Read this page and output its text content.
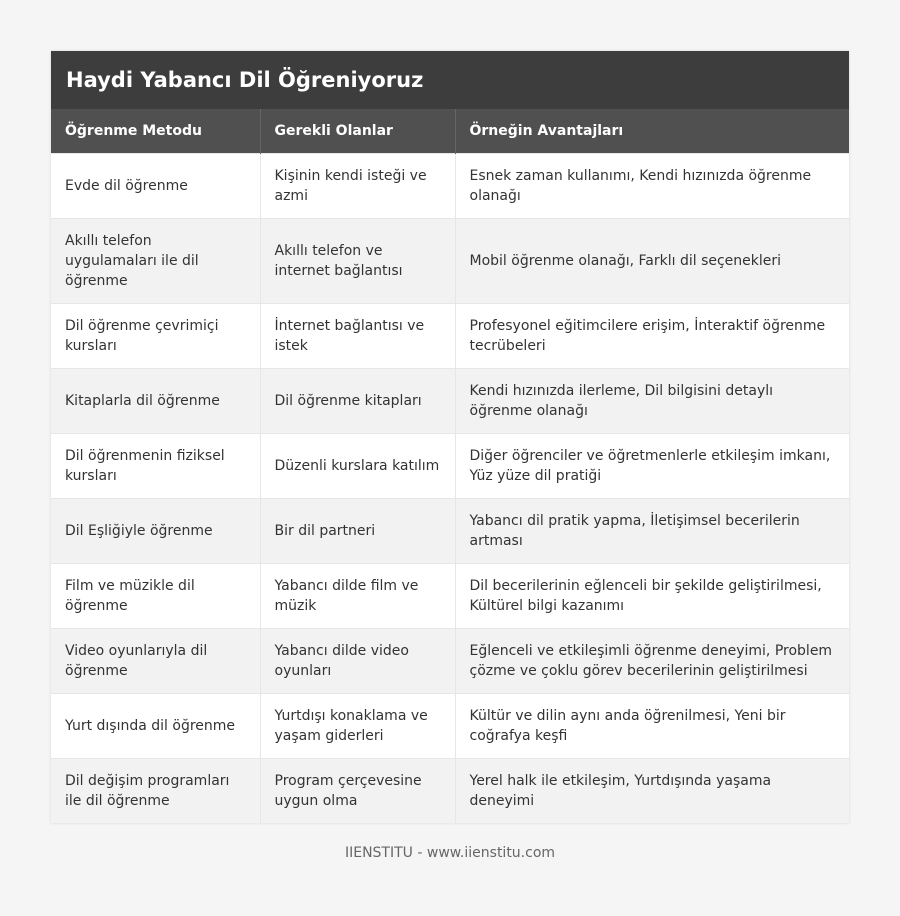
Haydi Yabancı Dil Öğreniyoruz
Öğrenme Metodu	Gerekli Olanlar	Örneğin Avantajları
Evde dil öğrenme	Kişinin kendi isteği ve azmi	Esnek zaman kullanımı, Kendi hızınızda öğrenme olanağı
Akıllı telefon uygulamaları ile dil öğrenme	Akıllı telefon ve internet bağlantısı	Mobil öğrenme olanağı, Farklı dil seçenekleri
Dil öğrenme çevrimiçi kursları	İnternet bağlantısı ve istek	Profesyonel eğitimcilere erişim, İnteraktif öğrenme tecrübeleri
Kitaplarla dil öğrenme	Dil öğrenme kitapları	Kendi hızınızda ilerleme, Dil bilgisini detaylı öğrenme olanağı
Dil öğrenmenin fiziksel kursları	Düzenli kurslara katılım	Diğer öğrenciler ve öğretmenlerle etkileşim imkanı, Yüz yüze dil pratiği
Dil Eşliğiyle öğrenme	Bir dil partneri	Yabancı dil pratik yapma, İletişimsel becerilerin artması
Film ve müzikle dil öğrenme	Yabancı dilde film ve müzik	Dil becerilerinin eğlenceli bir şekilde geliştirilmesi, Kültürel bilgi kazanımı
Video oyunlarıyla dil öğrenme	Yabancı dilde video oyunları	Eğlenceli ve etkileşimli öğrenme deneyimi, Problem çözme ve çoklu görev becerilerinin geliştirilmesi
Yurt dışında dil öğrenme	Yurtdışı konaklama ve yaşam giderleri	Kültür ve dilin aynı anda öğrenilmesi, Yeni bir coğrafya keşfi
Dil değişim programları ile dil öğrenme	Program çerçevesine uygun olma	Yerel halk ile etkileşim, Yurtdışında yaşama deneyimi
IIENSTITU - www.iienstitu.com
